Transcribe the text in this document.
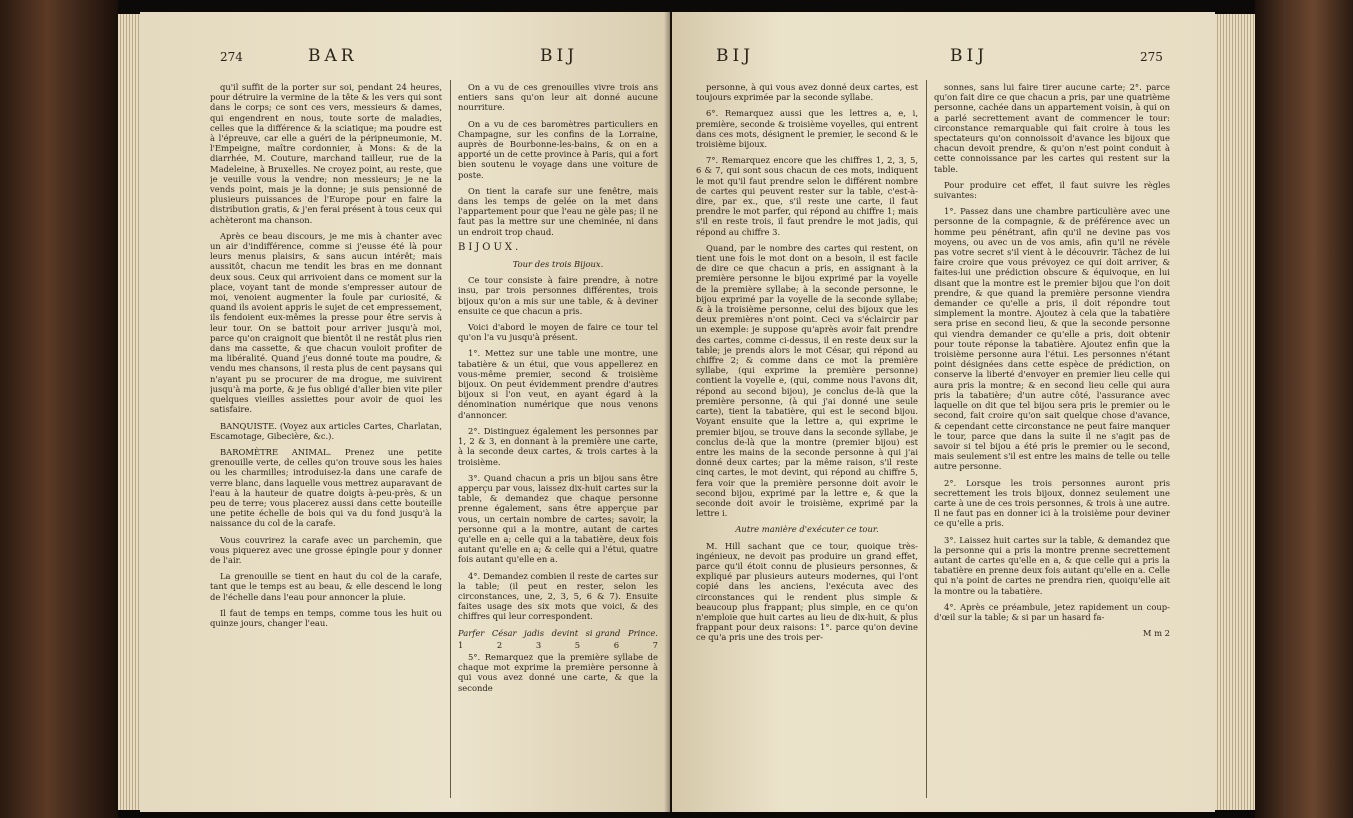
274	BAR	BIJ

qu'il suffit de la porter sur soi, pendant 24 heures, pour détruire la vermine de la tête & les vers qui sont dans le corps; ce sont ces vers, messieurs & dames, qui engendrent en nous, toute sorte de maladies, celles que la différence & la sciatique; ma poudre est à l'épreuve, car elle a guéri de la péripneumonie, M. l'Empeigne, maître cordonnier, à Mons: & de la diarrhée, M. Couture, marchand tailleur, rue de la Madeleine, à Bruxelles. Ne croyez point, au reste, que je veuille vous la vendre; non messieurs; je ne la vends point, mais je la donne; je suis pensionné de plusieurs puissances de l'Europe pour en faire la distribution gratis, & j'en ferai présent à tous ceux qui achèteront ma chanson.

Après ce beau discours, je me mis à chanter avec un air d'indifférence, comme si j'eusse été là pour leurs menus plaisirs, & sans aucun intérêt; mais aussitôt, chacun me tendit les bras en me donnant deux sous. Ceux qui arrivoient dans ce moment sur la place, voyant tant de monde s'empresser autour de moi, venoient augmenter la foule par curiosité, & quand ils avoient appris le sujet de cet empressement, ils fendoient eux-mêmes la presse pour être servis à leur tour. On se battoit pour arriver jusqu'à moi, parce qu'on craignoit que bientôt il ne restât plus rien dans ma cassette, & que chacun vouloit profiter de ma libéralité. Quand j'eus donné toute ma poudre, & vendu mes chansons, il resta plus de cent paysans qui n'ayant pu se procurer de ma drogue, me suivirent jusqu'à ma porte, & je fus obligé d'aller bien vite piler quelques vieilles assiettes pour avoir de quoi les satisfaire.

BANQUISTE. (Voyez aux articles Cartes, Charlatan, Escamotage, Gibecière, &c.).

BAROMÈTRE ANIMAL. Prenez une petite grenouille verte, de celles qu'on trouve sous les haies ou les charmilles; introduisez-la dans une carafe de verre blanc, dans laquelle vous mettrez auparavant de l'eau à la hauteur de quatre doigts à-peu-près, & un peu de terre; vous placerez aussi dans cette bouteille une petite échelle de bois qui va du fond jusqu'à la naissance du col de la carafe.

Vous couvrirez la carafe avec un parchemin, que vous piquerez avec une grosse épingle pour y donner de l'air.

La grenouille se tient en haut du col de la carafe, tant que le temps est au beau, & elle descend le long de l'échelle dans l'eau pour annoncer la pluie.

Il faut de temps en temps, comme tous les huit ou quinze jours, changer l'eau.

On a vu de ces grenouilles vivre trois ans entiers sans qu'on leur ait donné aucune nourriture.

On a vu de ces baromètres particuliers en Champagne, sur les confins de la Lorraine, auprès de Bourbonne-les-bains, & on en a apporté un de cette province à Paris, qui a fort bien soutenu le voyage dans une voiture de poste.

On tient la carafe sur une fenêtre, mais dans les temps de gelée on la met dans l'appartement pour que l'eau ne gèle pas; il ne faut pas la mettre sur une cheminée, ni dans un endroit trop chaud.

BIJOUX.

Tour des trois Bijoux.

Ce tour consiste à faire prendre, à notre insu, par trois personnes différentes, trois bijoux qu'on a mis sur une table, & à deviner ensuite ce que chacun a pris.

Voici d'abord le moyen de faire ce tour tel qu'on l'a vu jusqu'à présent.

1°. Mettez sur une table une montre, une tabatière & un étui, que vous appellerez en vous-même premier, second & troisième bijoux. On peut évidemment prendre d'autres bijoux si l'on veut, en ayant égard à la dénomination numérique que nous venons d'annoncer.

2°. Distinguez également les personnes par 1, 2 & 3, en donnant à la première une carte, à la seconde deux cartes, & trois cartes à la troisième.

3°. Quand chacun a pris un bijou sans être apperçu par vous, laissez dix-huit cartes sur la table, & demandez que chaque personne prenne également, sans être apperçue par vous, un certain nombre de cartes; savoir, la personne qui a la montre, autant de cartes qu'elle en a; celle qui a la tabatière, deux fois autant qu'elle en a; & celle qui a l'étui, quatre fois autant qu'elle en a.

4°. Demandez combien il reste de cartes sur la table; (il peut en rester, selon les circonstances, une, 2, 3, 5, 6 & 7). Ensuite faites usage des six mots que voici, & des chiffres qui leur correspondent.

Parfer César jadis devint si grand Prince.
1	2	3	5	6	7

5°. Remarquez que la première syllabe de chaque mot exprime la première personne à qui vous avez donné une carte, & que la seconde

BIJ	BIJ	275

personne, à qui vous avez donné deux cartes, est toujours exprimée par la seconde syllabe.

6°. Remarquez aussi que les lettres a, e, i, première, seconde & troisième voyelles, qui entrent dans ces mots, désignent le premier, le second & le troisième bijoux.

7°. Remarquez encore que les chiffres 1, 2, 3, 5, 6 & 7, qui sont sous chacun de ces mots, indiquent le mot qu'il faut prendre selon le différent nombre de cartes qui peuvent rester sur la table, c'est-à-dire, par ex., que, s'il reste une carte, il faut prendre le mot parfer, qui répond au chiffre 1; mais s'il en reste trois, il faut prendre le mot jadis, qui répond au chiffre 3.

Quand, par le nombre des cartes qui restent, on tient une fois le mot dont on a besoin, il est facile de dire ce que chacun a pris, en assignant à la première personne le bijou exprimé par la voyelle de la première syllabe; à la seconde personne, le bijou exprimé par la voyelle de la seconde syllabe; & à la troisième personne, celui des bijoux que les deux premières n'ont point. Ceci va s'éclaircir par un exemple: je suppose qu'après avoir fait prendre des cartes, comme ci-dessus, il en reste deux sur la table; je prends alors le mot César, qui répond au chiffre 2; & comme dans ce mot la première syllabe, (qui exprime la première personne) contient la voyelle e, (qui, comme nous l'avons dit, répond au second bijou), je conclus de-là que la première personne, (à qui j'ai donné une seule carte), tient la tabatière, qui est le second bijou. Voyant ensuite que la lettre a, qui exprime le premier bijou, se trouve dans la seconde syllabe, je conclus de-là que la montre (premier bijou) est entre les mains de la seconde personne à qui j'ai donné deux cartes; par la même raison, s'il reste cinq cartes, le mot devint, qui répond au chiffre 5, fera voir que la première personne doit avoir le second bijou, exprimé par la lettre e, & que la seconde doit avoir le troisième, exprimé par la lettre i.

Autre manière d'exécuter ce tour.

M. Hill sachant que ce tour, quoique très-ingénieux, ne devoit pas produire un grand effet, parce qu'il étoit connu de plusieurs personnes, & expliqué par plusieurs auteurs modernes, qui l'ont copié dans les anciens, l'exécuta avec des circonstances qui le rendent plus simple & beaucoup plus frappant; plus simple, en ce qu'on n'emploie que huit cartes au lieu de dix-huit, & plus frappant pour deux raisons: 1°. parce qu'on devine ce qu'a pris une des trois per-

sonnes, sans lui faire tirer aucune carte; 2°. parce qu'on fait dire ce que chacun a pris, par une quatrième personne, cachée dans un appartement voisin, à qui on a parlé secrettement avant de commencer le tour: circonstance remarquable qui fait croire à tous les spectateurs qu'on connoissoit d'avance les bijoux que chacun devoit prendre, & qu'on n'est point conduit à cette connoissance par les cartes qui restent sur la table.

Pour produire cet effet, il faut suivre les règles suivantes:

1°. Passez dans une chambre particulière avec une personne de la compagnie, & de préférence avec un homme peu pénétrant, afin qu'il ne devine pas vos moyens, ou avec un de vos amis, afin qu'il ne révèle pas votre secret s'il vient à le découvrir. Tâchez de lui faire croire que vous prévoyez ce qui doit arriver, & faites-lui une prédiction obscure & équivoque, en lui disant que la montre est le premier bijou que l'on doit prendre, & que quand la première personne viendra demander ce qu'elle a pris, il doit répondre tout simplement la montre. Ajoutez à cela que la tabatière sera prise en second lieu, & que la seconde personne qui viendra demander ce qu'elle a pris, doit obtenir pour toute réponse la tabatière. Ajoutez enfin que la troisième personne aura l'étui. Les personnes n'étant point désignées dans cette espèce de prédiction, on conserve la liberté d'envoyer en premier lieu celle qui aura pris la montre; & en second lieu celle qui aura pris la tabatière; d'un autre côté, l'assurance avec laquelle on dit que tel bijou sera pris le premier ou le second, fait croire qu'on sait quelque chose d'avance, & cependant cette circonstance ne peut faire manquer le tour, parce que dans la suite il ne s'agit pas de savoir si tel bijou a été pris le premier ou le second, mais seulement s'il est entre les mains de telle ou telle autre personne.

2°. Lorsque les trois personnes auront pris secrettement les trois bijoux, donnez seulement une carte à une de ces trois personnes, & trois à une autre. Il ne faut pas en donner ici à la troisième pour deviner ce qu'elle a pris.

3°. Laissez huit cartes sur la table, & demandez que la personne qui a pris la montre prenne secrettement autant de cartes qu'elle en a, & que celle qui a pris la tabatière en prenne deux fois autant qu'elle en a. Celle qui n'a point de cartes ne prendra rien, quoiqu'elle ait la montre ou la tabatière.

4°. Après ce préambule, jetez rapidement un coup-d'œil sur la table; & si par un hasard fa-

M m 2
